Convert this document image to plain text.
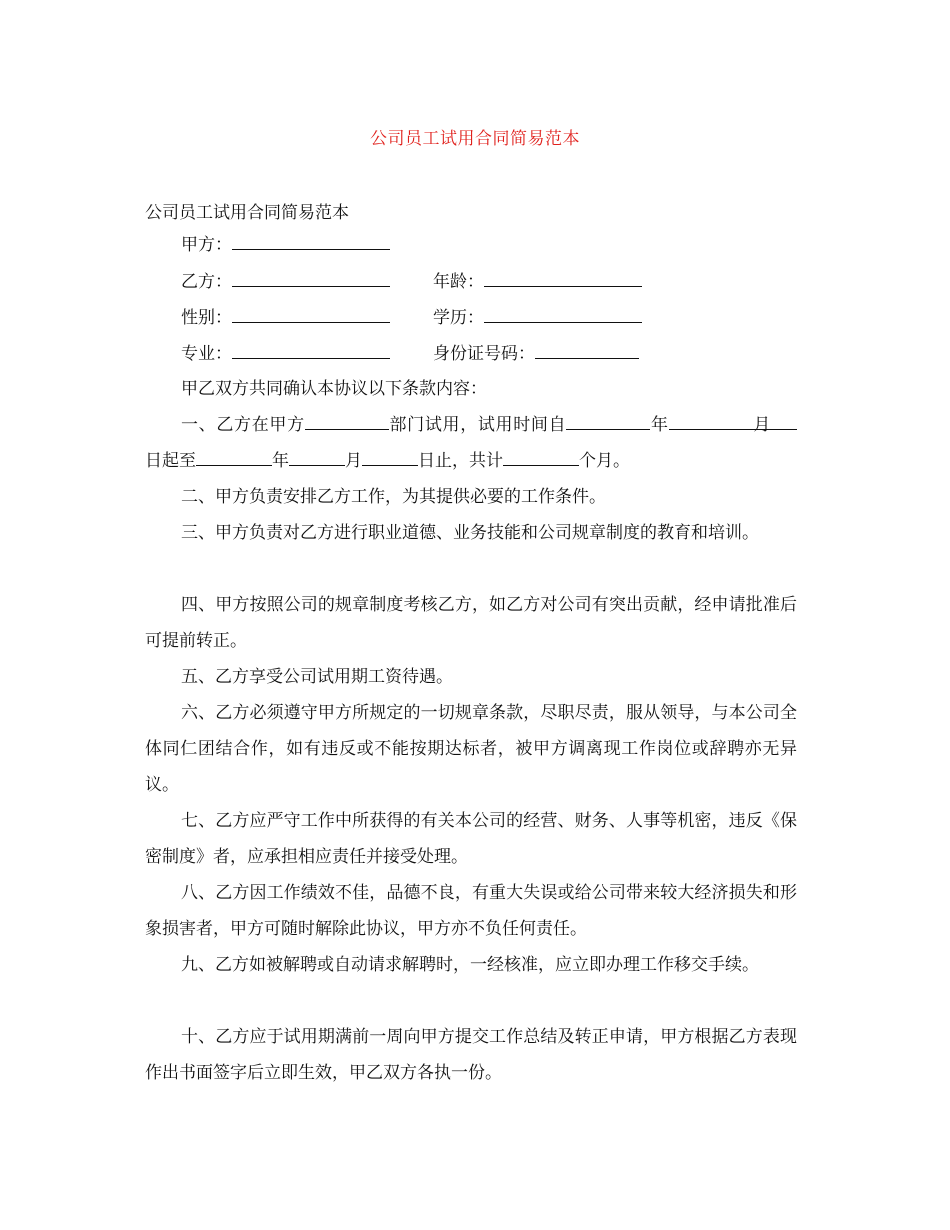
公司员工试用合同简易范本
公司员工试用合同简易范本
甲方：
乙方：	年龄：
性别：	学历：
专业：	身份证号码：
甲乙双方共同确认本协议以下条款内容：

一、乙方在甲方	部门试用，试用时间自	年	月日起至	年	月	日止，共计	个月。

二、甲方负责安排乙方工作，为其提供必要的工作条件。

三、甲方负责对乙方进行职业道德、业务技能和公司规章制度的教育和培训。

四、甲方按照公司的规章制度考核乙方，如乙方对公司有突出贡献，经申请批准后可提前转正。

五、乙方享受公司试用期工资待遇。

六、乙方必须遵守甲方所规定的一切规章条款，尽职尽责，服从领导，与本公司全体同仁团结合作，如有违反或不能按期达标者，被甲方调离现工作岗位或辞聘亦无异议。

七、乙方应严守工作中所获得的有关本公司的经营、财务、人事等机密，违反《保密制度》者，应承担相应责任并接受处理。

八、乙方因工作绩效不佳，品德不良，有重大失误或给公司带来较大经济损失和形象损害者，甲方可随时解除此协议，甲方亦不负任何责任。

九、乙方如被解聘或自动请求解聘时，一经核准，应立即办理工作移交手续。

十、乙方应于试用期满前一周向甲方提交工作总结及转正申请，甲方根据乙方表现作出书面签字后立即生效，甲乙双方各执一份。
